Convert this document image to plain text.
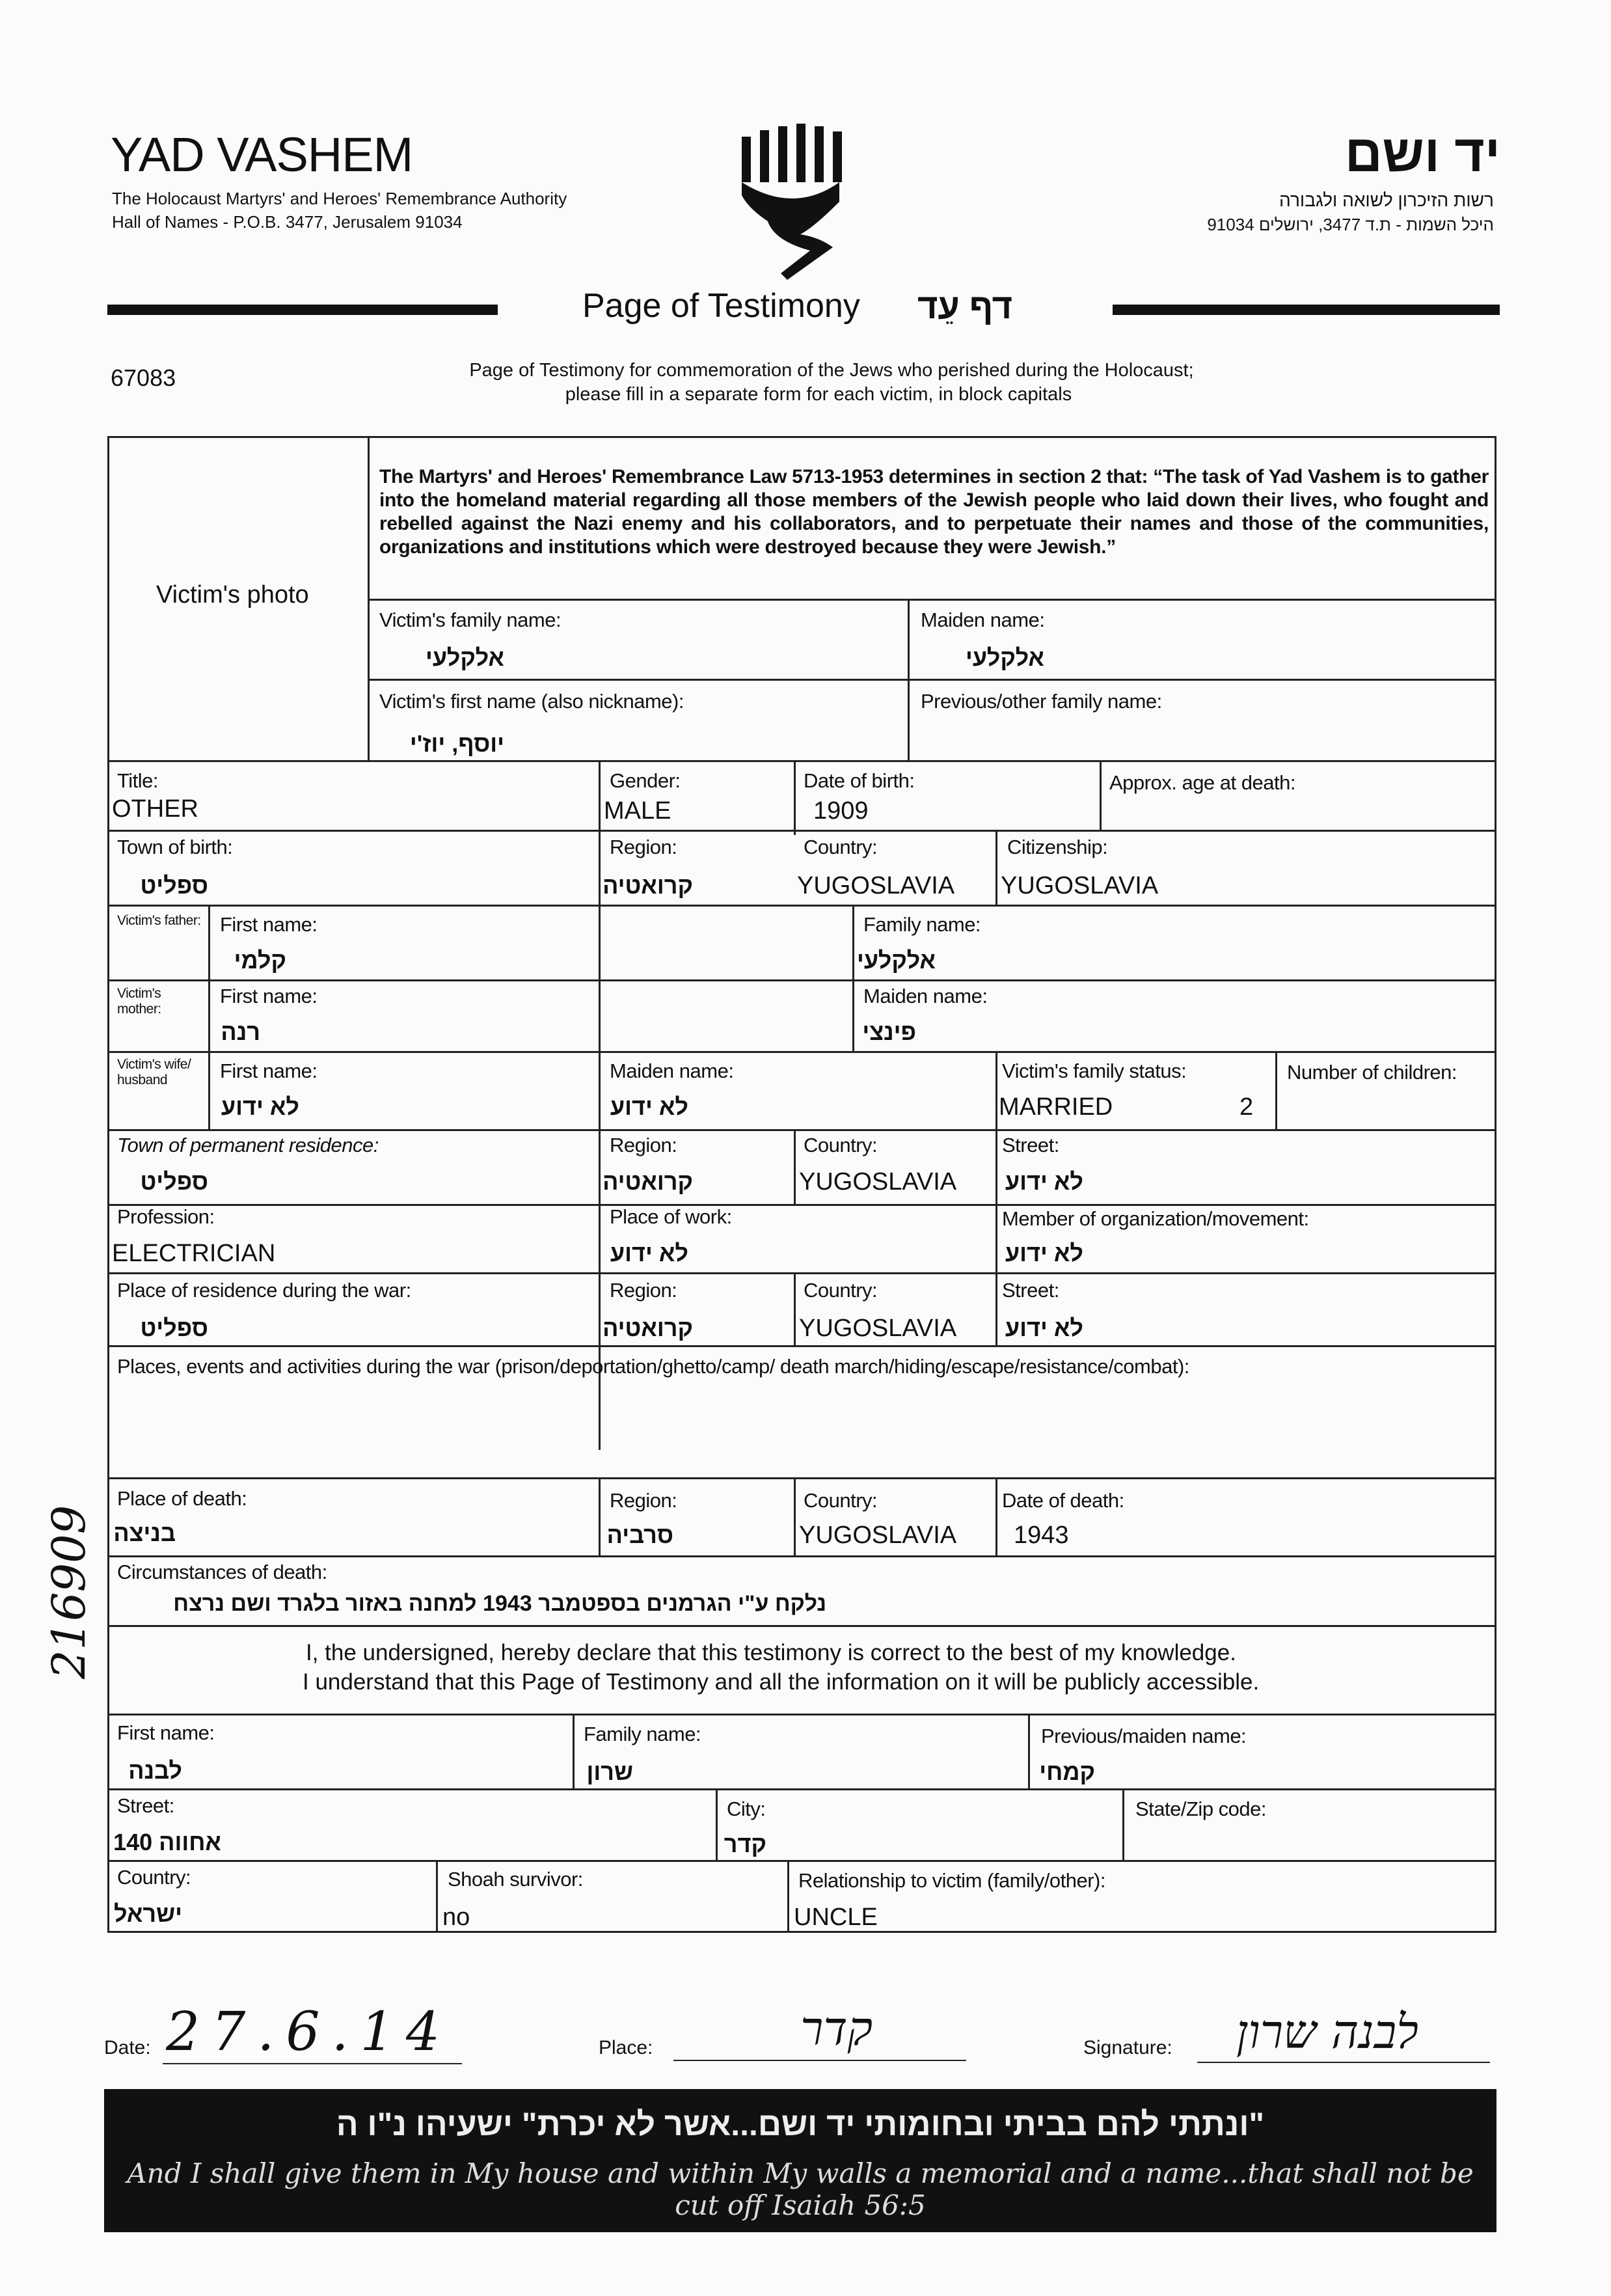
YAD VASHEM
The Holocaust Martyrs' and Heroes' Remembrance Authority
Hall of Names - P.O.B. 3477, Jerusalem 91034
יד ושם
רשות הזיכרון לשואה ולגבורה
היכל השמות - ת.ד 3477, ירושלים 91034
Page of Testimony דף עֵד
67083	Page of Testimony for commemoration of the Jews who perished during the Holocaust;
please fill in a separate form for each victim, in block capitals
Victim's photo
The Martyrs' and Heroes' Remembrance Law 5713-1953 determines in section 2 that: “The task of Yad Vashem is to gather into the homeland material regarding all those members of the Jewish people who laid down their lives, who fought and rebelled against the Nazi enemy and his collaborators, and to perpetuate their names and those of the communities, organizations and institutions which were destroyed because they were Jewish.”
Victim's family name:
אלקלעי
Maiden name:
אלקלעי
Victim's first name (also nickname):
יוסף, יוז'י
Previous/other family name:
Title:
OTHER
Gender:
MALE
Date of birth:
1909
Approx. age at death:
Town of birth:
ספליט
Region:
קרואטיה
Country:
YUGOSLAVIA
Citizenship:
YUGOSLAVIA
Victim's father: First name:
קלמי
Family name:
אלקלעי
Victim's mother:
First name:
רנה
Maiden name:
פינצי
Victim's wife/ husband	First name:
לא ידוע
Maiden name:
לא ידוע
Victim's family status:
MARRIED
Number of children:
2
Town of permanent residence:
ספליט
Region:
קרואטיה
Country:
YUGOSLAVIA
Street:
לא ידוע
Profession:
ELECTRICIAN
Place of work:
לא ידוע
Member of organization/movement:
לא ידוע
Place of residence during the war:
ספליט
Region:
קרואטיה
Country:
YUGOSLAVIA
Street:
לא ידוע
Places, events and activities during the war (prison/deportation/ghetto/camp/ death march/hiding/escape/resistance/combat):
Place of death:
בניצה
Region:
סרביה
Country:
YUGOSLAVIA
Date of death:
1943
Circumstances of death:
נלקח ע"י הגרמנים בספטמבר 1943 למחנה באזור בלגרד ושם נרצח
I, the undersigned, hereby declare that this testimony is correct to the best of my knowledge.
I understand that this Page of Testimony and all the information on it will be publicly accessible.
First name:
לבנה
Family name:
שרון
Previous/maiden name:
קמחי
Street:
אחווה 140
City:
קדר
State/Zip code:
Country:
ישראל
Shoah survivor:
no
Relationship to victim (family/other):
UNCLE
Date: 27.6.14	Place:	קדר	Signature: לבנה שרון
216909
"ונתתי להם בביתי ובחומותי יד ושם...אשר לא יכרת" ישעיהו נ"ו ה
And I shall give them in My house and within My walls a memorial and a name...that shall not be cut off Isaiah 56:5
